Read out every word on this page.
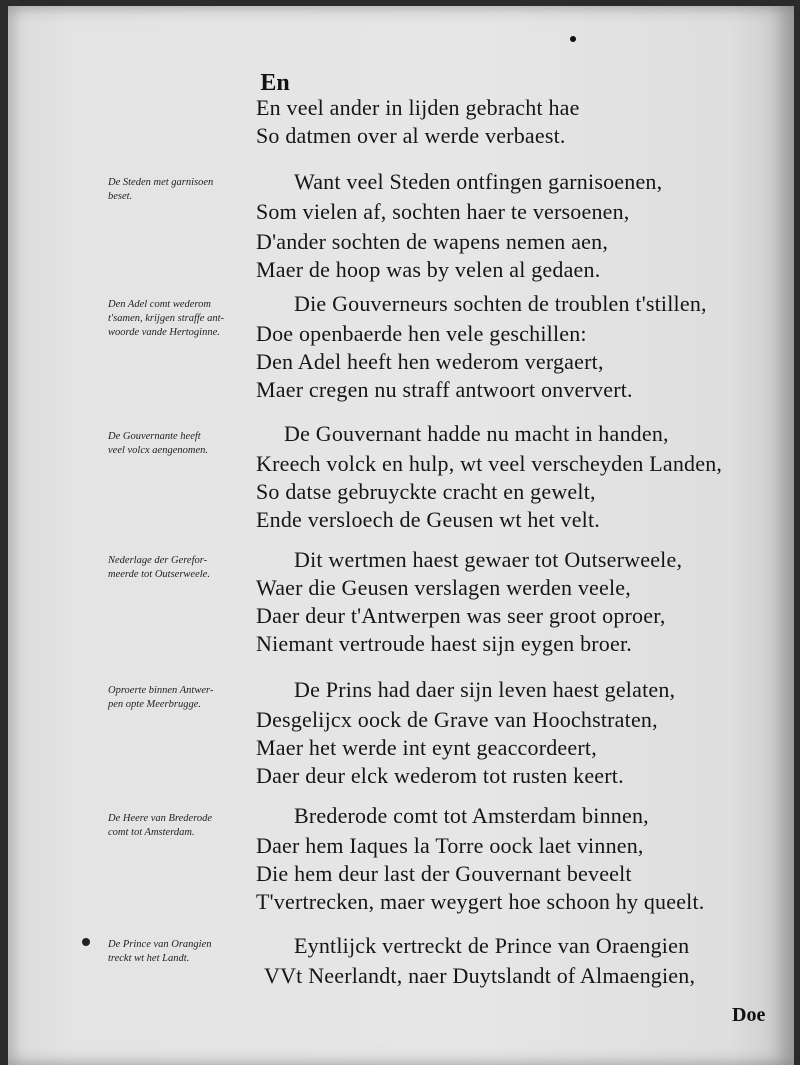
En
En veel ander in lijden gebracht hae
So datmen over al werde verbaest.
De Steden met garnisoen
beset.
Want veel Steden ontfingen garnisoenen,
Som vielen af, sochten haer te versoenen,
D'ander sochten de wapens nemen aen,
Maer de hoop was by velen al gedaen.
Den Adel comt wederom
t'samen, krijgen straffe ant-
woorde vande Hertoginne.
Die Gouverneurs sochten de troublen t'stillen,
Doe openbaerde hen vele geschillen:
Den Adel heeft hen wederom vergaert,
Maer cregen nu straff antwoort onververt.
De Gouvernante heeft
veel volcx aengenomen.
De Gouvernant hadde nu macht in handen,
Kreech volck en hulp, wt veel verscheyden Landen,
So datse gebruyckte cracht en gewelt,
Ende versloech de Geusen wt het velt.
Nederlage der Gerefor-
meerde tot Outserweele.
Dit wertmen haest gewaer tot Outserweele,
Waer die Geusen verslagen werden veele,
Daer deur t'Antwerpen was seer groot oproer,
Niemant vertroude haest sijn eygen broer.
Oproerte binnen Antwer-
pen opte Meerbrugge.
De Prins had daer sijn leven haest gelaten,
Desgelijcx oock de Grave van Hoochstraten,
Maer het werde int eynt geaccordeert,
Daer deur elck wederom tot rusten keert.
De Heere van Brederode
comt tot Amsterdam.
Brederode comt tot Amsterdam binnen,
Daer hem Iaques la Torre oock laet vinnen,
Die hem deur last der Gouvernant beveelt
T'vertrecken, maer weygert hoe schoon hy queelt.
De Prince van Orangien
treckt wt het Landt.
Eyntlijck vertreckt de Prince van Oraengien
VVt Neerlandt, naer Duytslandt of Almaengien,
Doe
